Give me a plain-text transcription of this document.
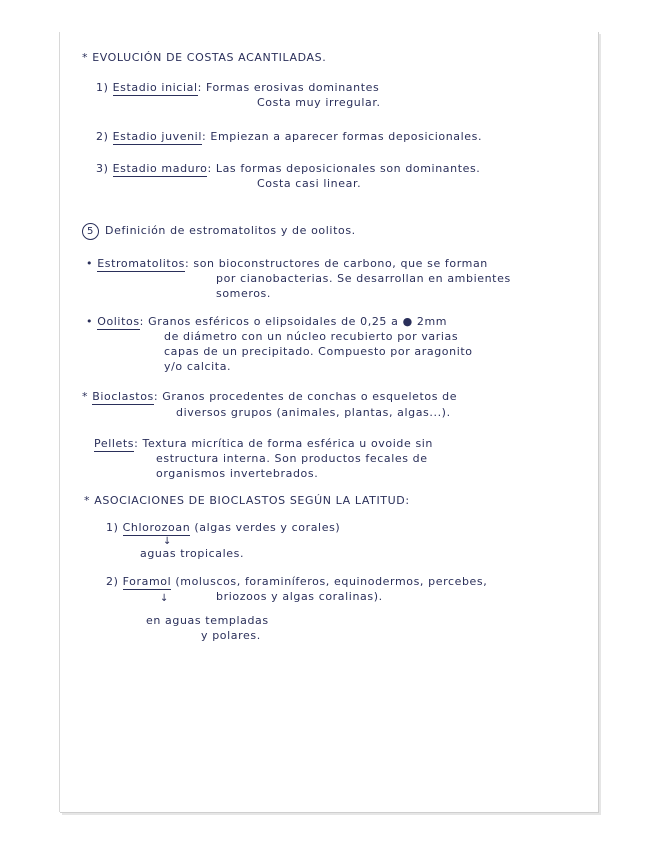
* EVOLUCIÓN DE COSTAS ACANTILADAS.
1) Estadio inicial: Formas erosivas dominantes
Costa muy irregular.
2) Estadio juvenil: Empiezan a aparecer formas deposicionales.
3) Estadio maduro: Las formas deposicionales son dominantes.
Costa casi linear.
5 Definición de estromatolitos y de oolitos.
• Estromatolitos: son bioconstructores de carbono, que se forman
por cianobacterias. Se desarrollan en ambientes
someros.
• Oolitos: Granos esféricos o elipsoidales de 0,25 a ● 2mm
de diámetro con un núcleo recubierto por varias
capas de un precipitado. Compuesto por aragonito
y/o calcita.
* Bioclastos: Granos procedentes de conchas o esqueletos de
diversos grupos (animales, plantas, algas...).
Pellets: Textura micrítica de forma esférica u ovoide sin
estructura interna. Son productos fecales de
organismos invertebrados.
* ASOCIACIONES DE BIOCLASTOS SEGÚN LA LATITUD:
1) Chlorozoan (algas verdes y corales)
↓
aguas tropicales.
2) Foramol (moluscos, foraminíferos, equinodermos, percebes,
briozoos y algas coralinas).
↓
en aguas templadas
y polares.
